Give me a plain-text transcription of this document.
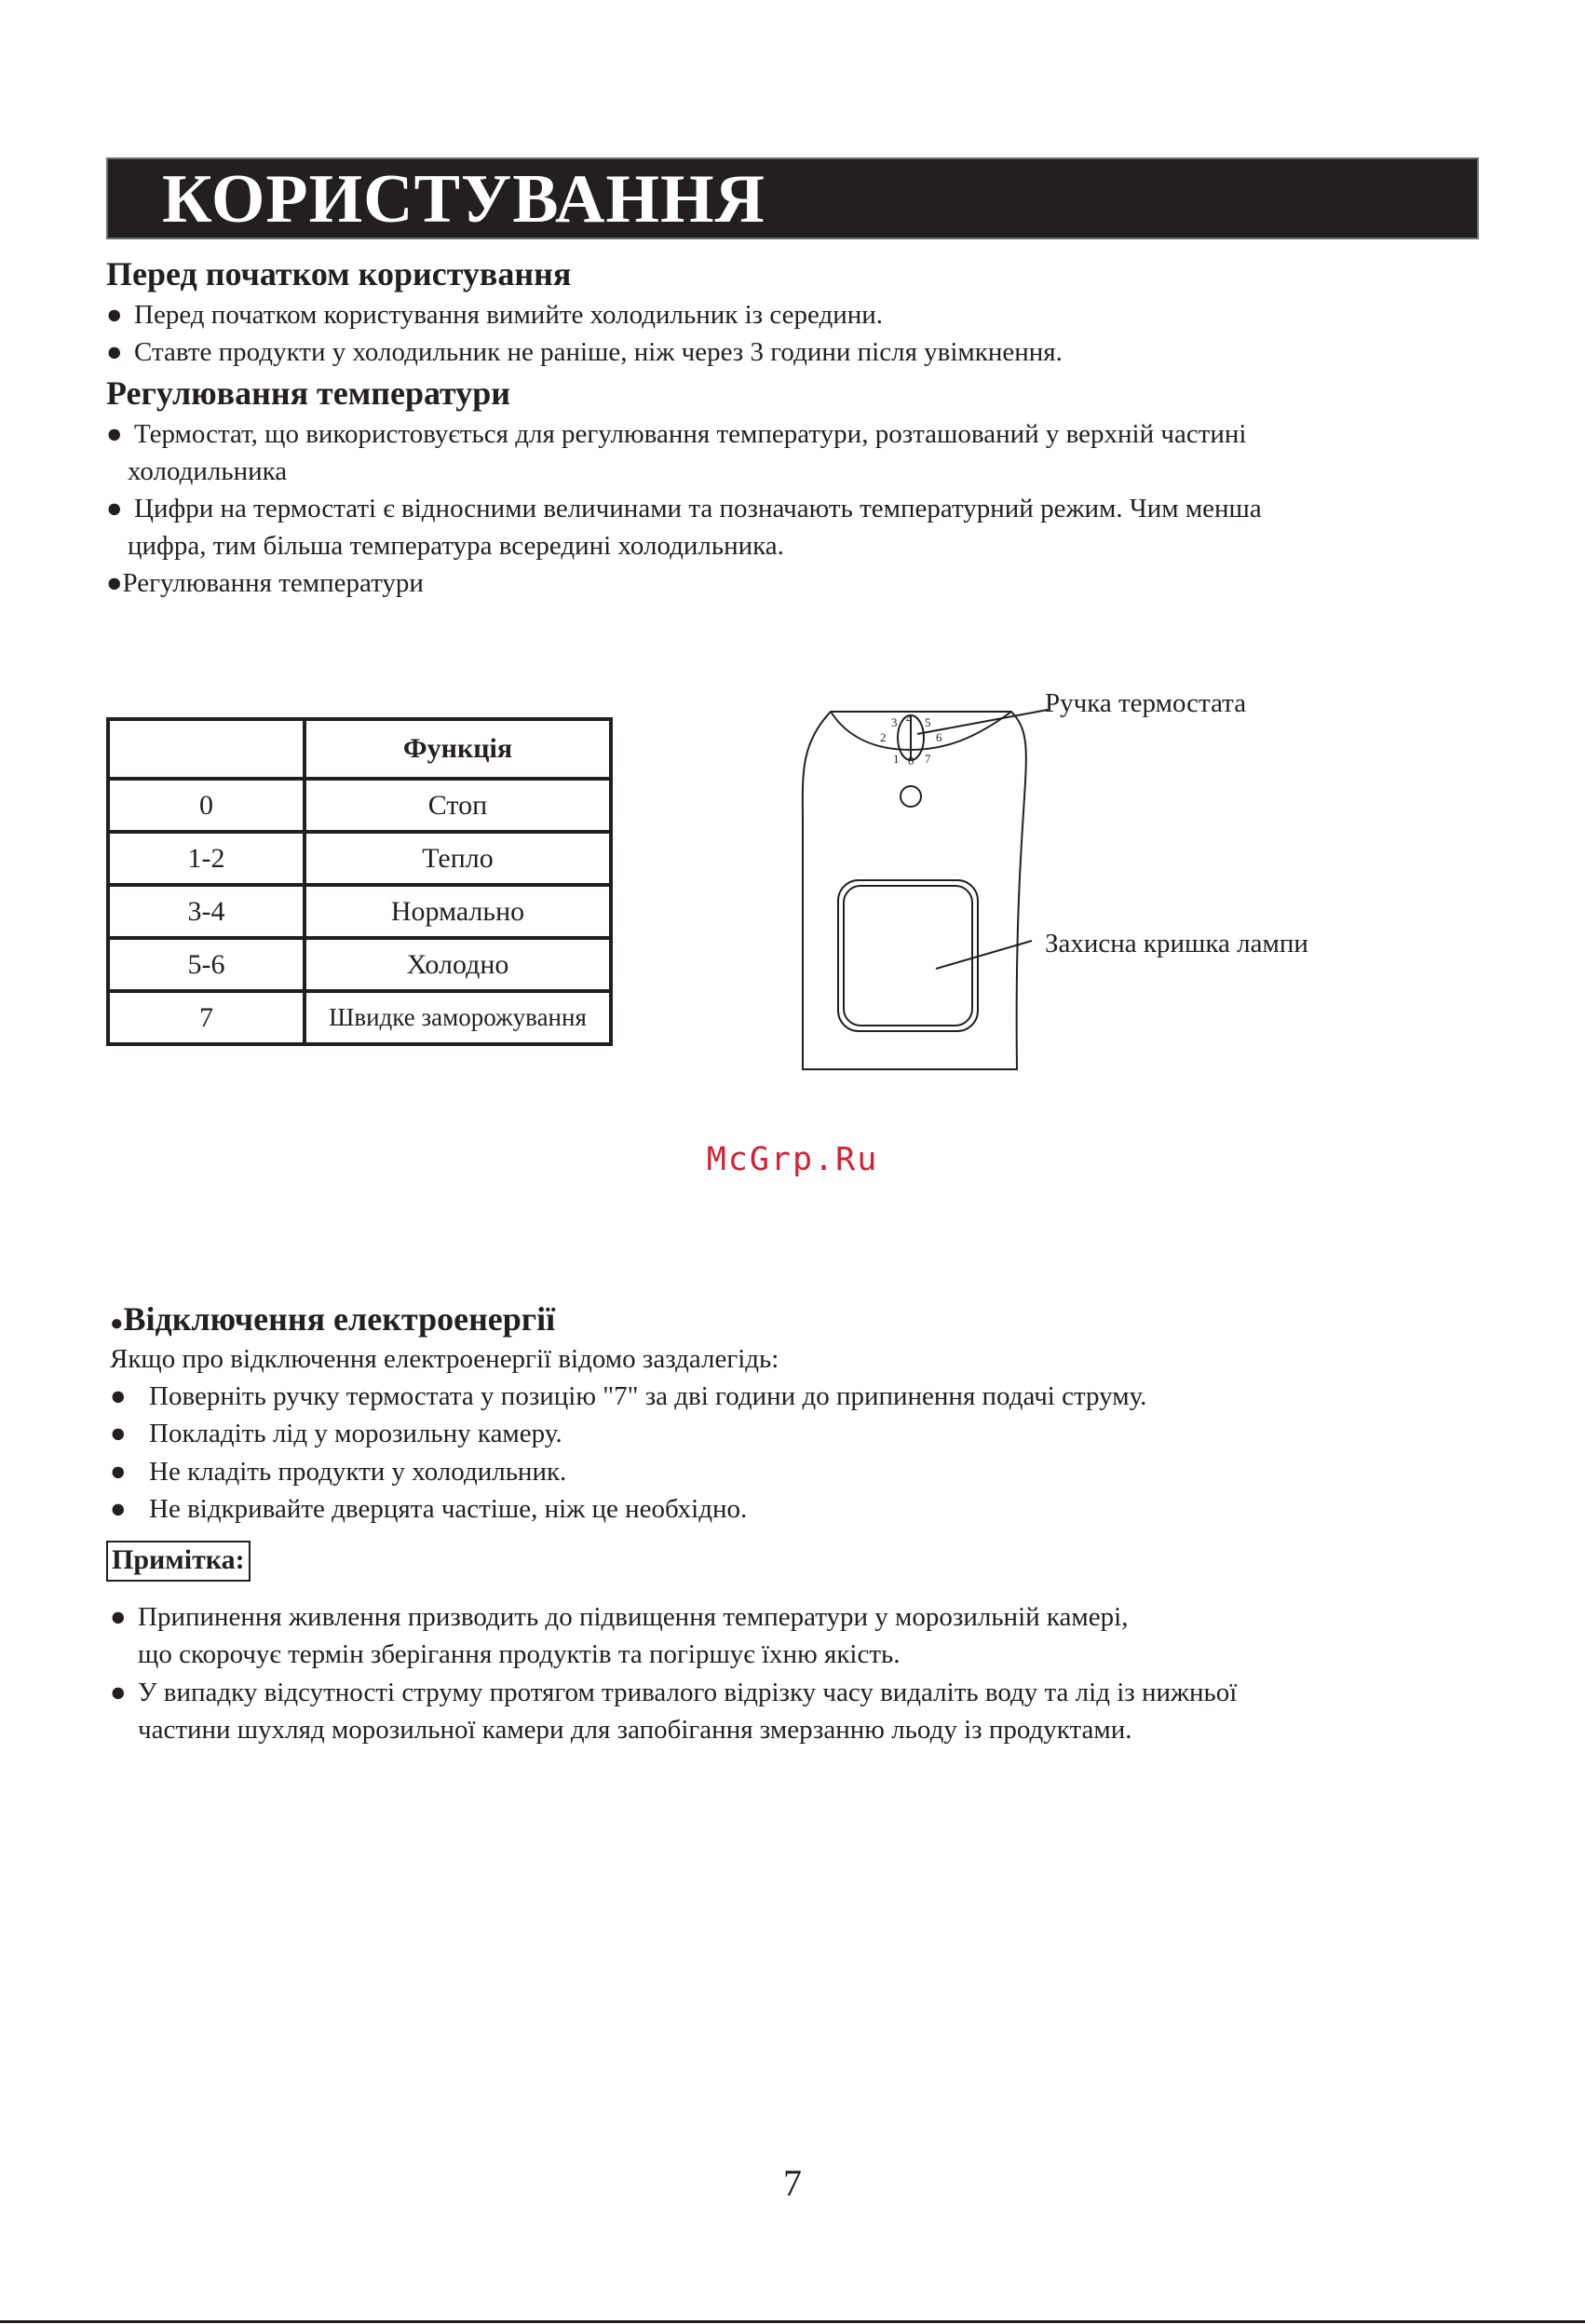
КОРИСТУВАННЯ
Перед початком користування
● Перед початком користування вимийте холодильник із середини.
● Ставте продукти у холодильник не раніше, ніж через 3 години після увімкнення.
Регулювання температури
● Термостат, що використовується для регулювання температури, розташований у верхній частині
холодильника
● Цифри на термостаті є відносними величинами та позначають температурний режим. Чим менша
цифра, тим більша температура всередині холодильника.
●Регулювання температури
	Функція
0	Стоп
1-2	Тепло
3-4	Нормально
5-6	Холодно
7	Швидке заморожування
3 4 5
2	6
1 0 7
Ручка термостата
Захисна кришка лампи
McGrp.Ru
●Відключення електроенергії
Якщо про відключення електроенергії відомо заздалегідь:
● Поверніть ручку термостата у позицію "7" за дві години до припинення подачі струму.
● Покладіть лід у морозильну камеру.
● Не кладіть продукти у холодильник.
● Не відкривайте дверцята частіше, ніж це необхідно.
Примітка:
● Припинення живлення призводить до підвищення температури у морозильній камері,
що скорочує термін зберігання продуктів та погіршує їхню якість.
● У випадку відсутності струму протягом тривалого відрізку часу видаліть воду та лід із нижньої
частини шухляд морозильної камери для запобігання змерзанню льоду із продуктами.
7
